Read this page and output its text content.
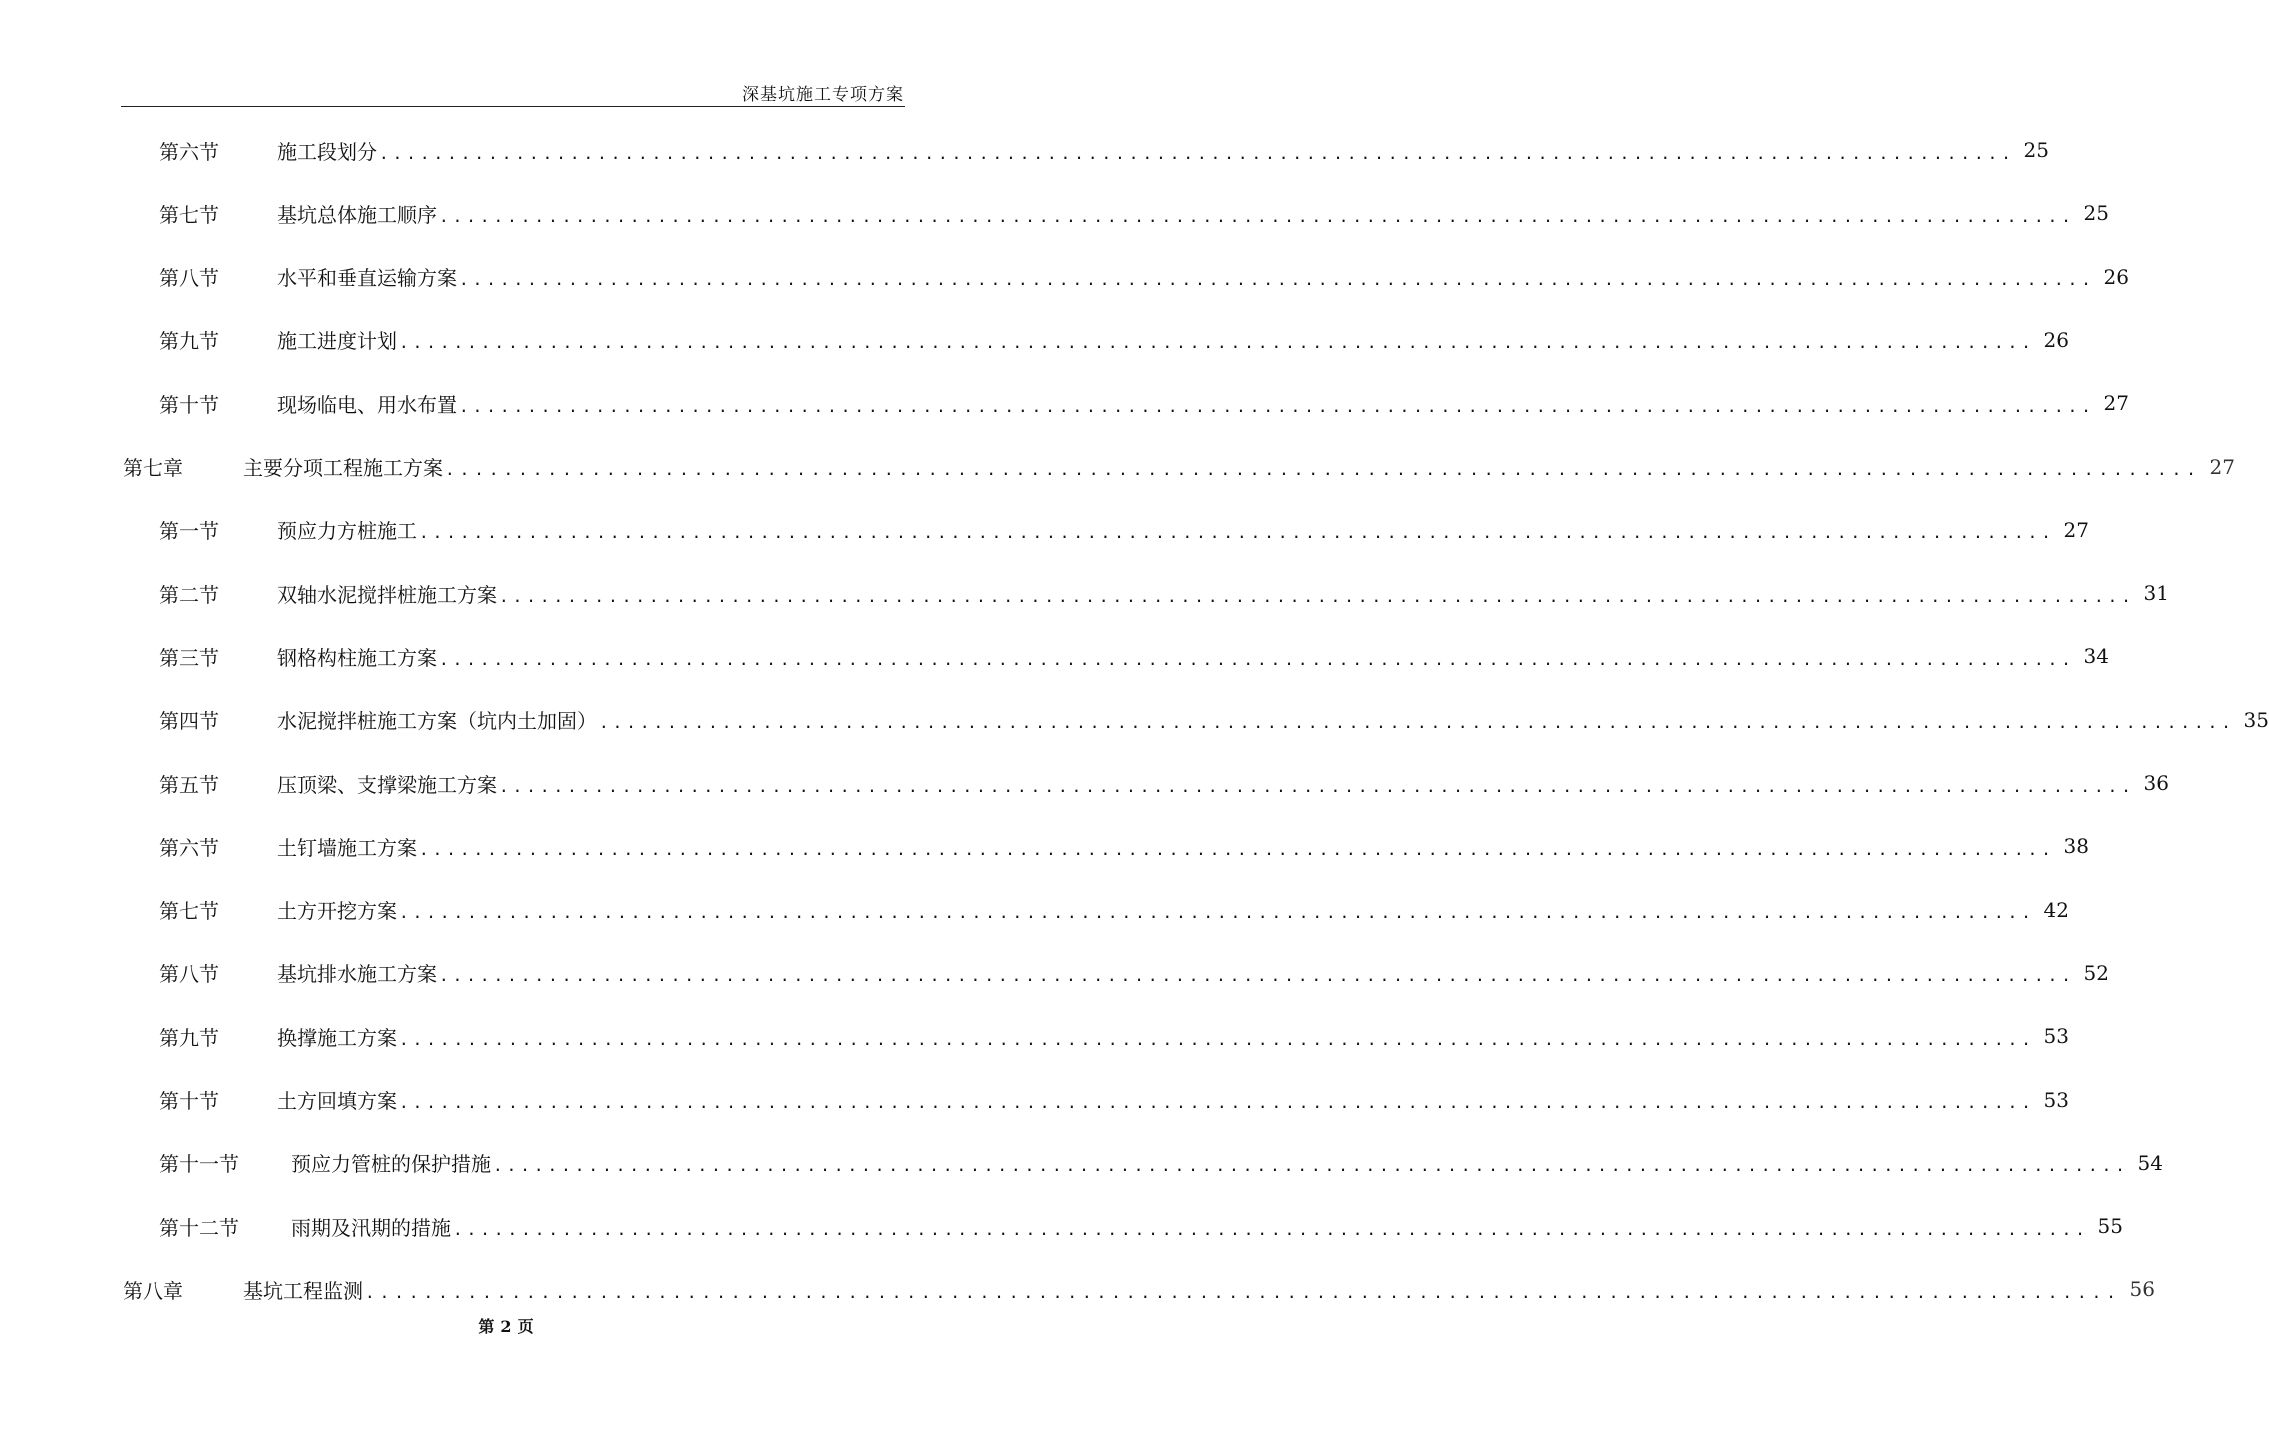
深基坑施工专项方案
第六节	施工段划分 ........................................................................................................................ 25
第七节	基坑总体施工顺序 ........................................................................................................................ 25
第八节	水平和垂直运输方案 ........................................................................................................................ 26
第九节	施工进度计划 ........................................................................................................................ 26
第十节	现场临电、用水布置 ........................................................................................................................ 27
第七章	主要分项工程施工方案 ........................................................................................................................ 27
第一节	预应力方桩施工 ........................................................................................................................ 27
第二节	双轴水泥搅拌桩施工方案 ........................................................................................................................ 31
第三节	钢格构柱施工方案 ........................................................................................................................ 34
第四节	水泥搅拌桩施工方案（坑内土加固） ........................................................................................................................ 35
第五节	压顶梁、支撑梁施工方案 ........................................................................................................................ 36
第六节	土钉墙施工方案 ........................................................................................................................ 38
第七节	土方开挖方案 ........................................................................................................................ 42
第八节	基坑排水施工方案 ........................................................................................................................ 52
第九节	换撑施工方案 ........................................................................................................................ 53
第十节	土方回填方案 ........................................................................................................................ 53
第十一节	预应力管桩的保护措施 ........................................................................................................................ 54
第十二节	雨期及汛期的措施 ........................................................................................................................ 55
第八章	基坑工程监测 ........................................................................................................................ 56
第 2 页
